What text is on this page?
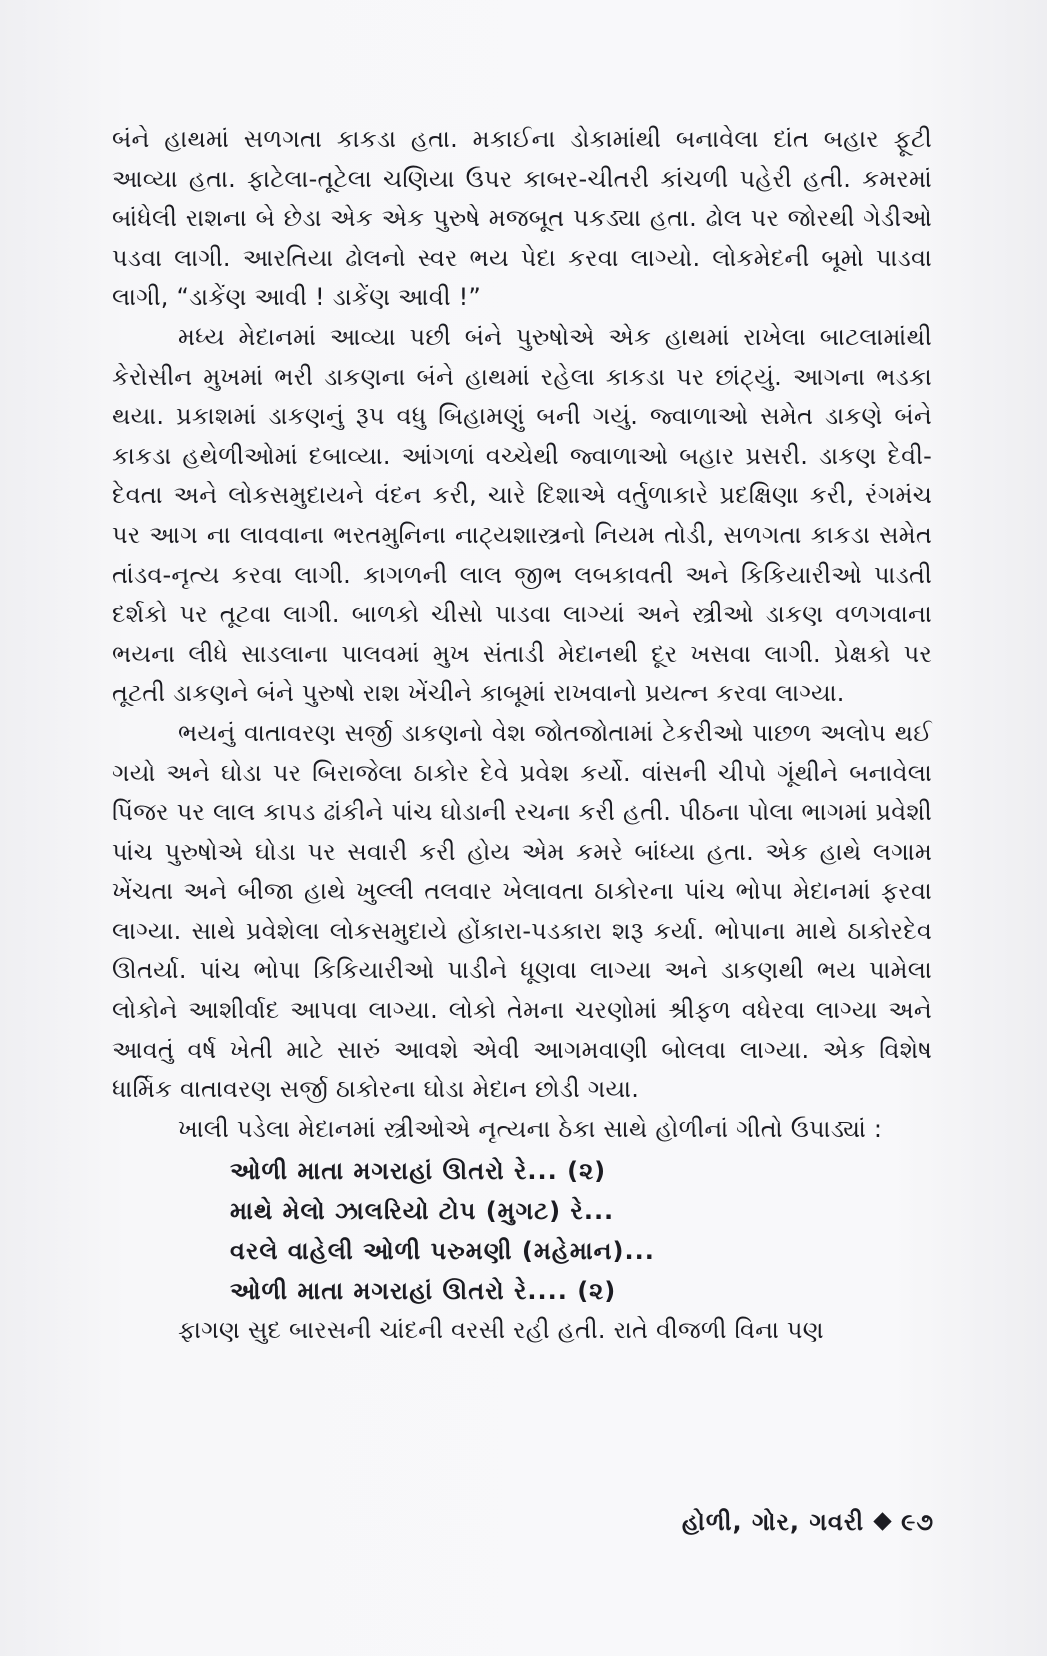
બંને હાથમાં સળગતા કાકડા હતા. મકાઈના ડોકામાંથી બનાવેલા દાંત બહાર ફૂટી આવ્યા હતા. ફાટેલા-તૂટેલા ચણિયા ઉપર કાબર-ચીતરી કાંચળી પહેરી હતી. કમરમાં બાંધેલી રાશના બે છેડા એક એક પુરુષે મજબૂત પકડ્યા હતા. ઢોલ પર જોરથી ગેડીઓ પડવા લાગી. આરતિયા ઢોલનો સ્વર ભય પેદા કરવા લાગ્યો. લોકમેદની બૂમો પાડવા લાગી, “ડાકેંણ આવી ! ડાકેંણ આવી !”

મધ્ય મેદાનમાં આવ્યા પછી બંને પુરુષોએ એક હાથમાં રાખેલા બાટલામાંથી કેરોસીન મુખમાં ભરી ડાકણના બંને હાથમાં રહેલા કાકડા પર છાંટ્યું. આગના ભડકા થયા. પ્રકાશમાં ડાકણનું રૂપ વધુ બિહામણું બની ગયું. જ્વાળાઓ સમેત ડાકણે બંને કાકડા હથેળીઓમાં દબાવ્યા. આંગળાં વચ્ચેથી જ્વાળાઓ બહાર પ્રસરી. ડાકણ દેવી-દેવતા અને લોકસમુદાયને વંદન કરી, ચારે દિશાએ વર્તુળાકારે પ્રદક્ષિણા કરી, રંગમંચ પર આગ ના લાવવાના ભરતમુનિના નાટ્યશાસ્ત્રનો નિયમ તોડી, સળગતા કાકડા સમેત તાંડવ-નૃત્ય કરવા લાગી. કાગળની લાલ જીભ લબકાવતી અને કિકિયારીઓ પાડતી દર્શકો પર તૂટવા લાગી. બાળકો ચીસો પાડવા લાગ્યાં અને સ્ત્રીઓ ડાકણ વળગવાના ભયના લીધે સાડલાના પાલવમાં મુખ સંતાડી મેદાનથી દૂર ખસવા લાગી. પ્રેક્ષકો પર તૂટતી ડાકણને બંને પુરુષો રાશ ખેંચીને કાબૂમાં રાખવાનો પ્રયત્ન કરવા લાગ્યા.

ભયનું વાતાવરણ સર્જી ડાકણનો વેશ જોતજોતામાં ટેકરીઓ પાછળ અલોપ થઈ ગયો અને ઘોડા પર બિરાજેલા ઠાકોર દેવે પ્રવેશ કર્યો. વાંસની ચીપો ગૂંથીને બનાવેલા પિંજર પર લાલ કાપડ ઢાંકીને પાંચ ઘોડાની રચના કરી હતી. પીઠના પોલા ભાગમાં પ્રવેશી પાંચ પુરુષોએ ઘોડા પર સવારી કરી હોય એમ કમરે બાંધ્યા હતા. એક હાથે લગામ ખેંચતા અને બીજા હાથે ખુલ્લી તલવાર ખેલાવતા ઠાકોરના પાંચ ભોપા મેદાનમાં ફરવા લાગ્યા. સાથે પ્રવેશેલા લોકસમુદાયે હોંકારા-પડકારા શરૂ કર્યા. ભોપાના માથે ઠાકોરદેવ ઊતર્યા. પાંચ ભોપા કિકિયારીઓ પાડીને ધૂણવા લાગ્યા અને ડાકણથી ભય પામેલા લોકોને આશીર્વાદ આપવા લાગ્યા. લોકો તેમના ચરણોમાં શ્રીફળ વધેરવા લાગ્યા અને આવતું વર્ષ ખેતી માટે સારું આવશે એવી આગમવાણી બોલવા લાગ્યા. એક વિશેષ ધાર્મિક વાતાવરણ સર્જી ઠાકોરના ઘોડા મેદાન છોડી ગયા.

ખાલી પડેલા મેદાનમાં સ્ત્રીઓએ નૃત્યના ઠેકા સાથે હોળીનાં ગીતો ઉપાડ્યાં :

ઓળી માતા મગરાહાં ઊતરો રે... (૨)
માથે મેલો ઝાલરિયો ટોપ (મુગટ) રે...
વરલે વાહેલી ઓળી પરુમણી (મહેમાન)...
ઓળી માતા મગરાહાં ઊતરો રે.... (૨)

ફાગણ સુદ બારસની ચાંદની વરસી રહી હતી. રાતે વીજળી વિના પણ

હોળી, ગોર, ગવરી ૯૭
